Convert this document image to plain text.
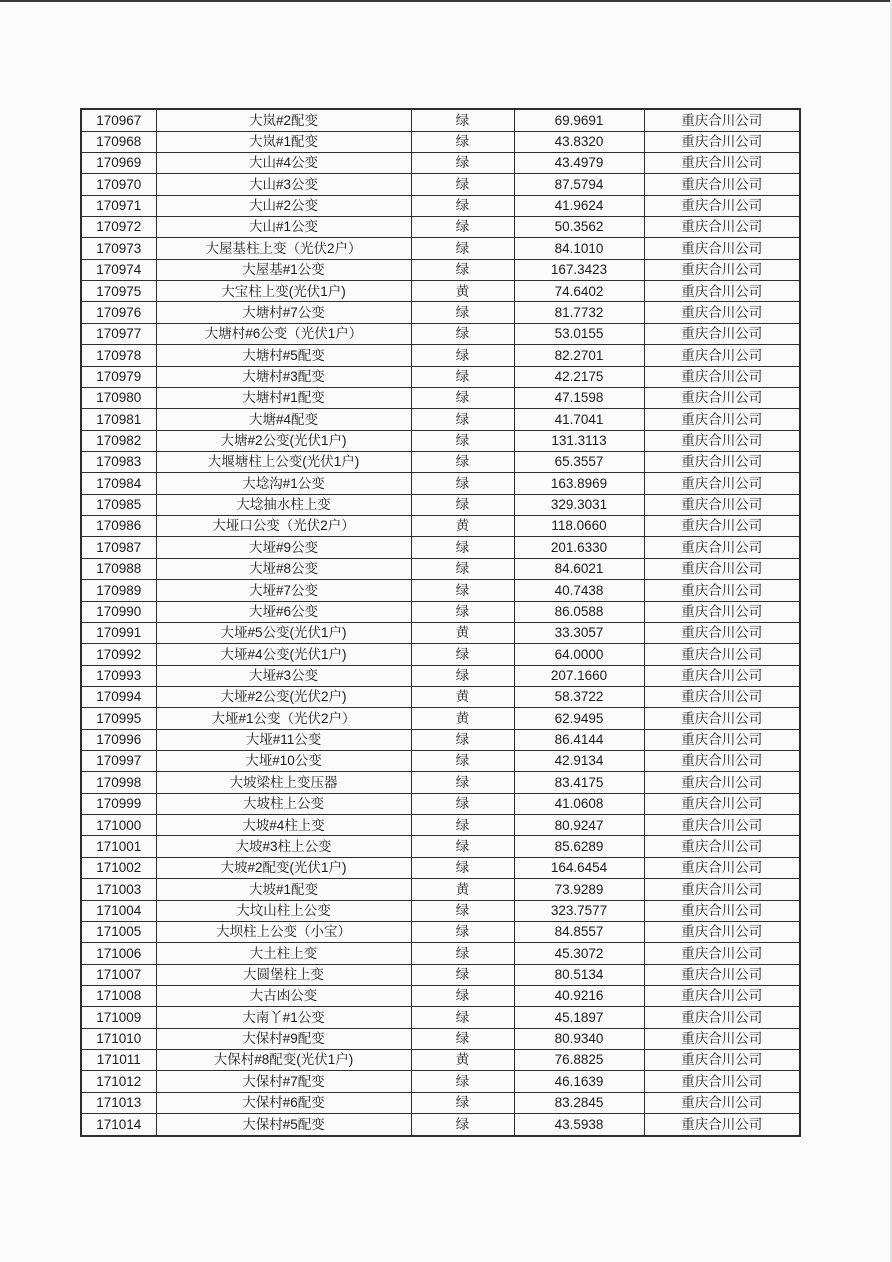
170967	大岚#2配变	绿	69.9691	重庆合川公司
170968	大岚#1配变	绿	43.8320	重庆合川公司
170969	大山#4公变	绿	43.4979	重庆合川公司
170970	大山#3公变	绿	87.5794	重庆合川公司
170971	大山#2公变	绿	41.9624	重庆合川公司
170972	大山#1公变	绿	50.3562	重庆合川公司
170973	大屋基柱上变（光伏2户）	绿	84.1010	重庆合川公司
170974	大屋基#1公变	绿	167.3423	重庆合川公司
170975	大宝柱上变(光伏1户)	黄	74.6402	重庆合川公司
170976	大塘村#7公变	绿	81.7732	重庆合川公司
170977	大塘村#6公变（光伏1户）	绿	53.0155	重庆合川公司
170978	大塘村#5配变	绿	82.2701	重庆合川公司
170979	大塘村#3配变	绿	42.2175	重庆合川公司
170980	大塘村#1配变	绿	47.1598	重庆合川公司
170981	大塘#4配变	绿	41.7041	重庆合川公司
170982	大塘#2公变(光伏1户)	绿	131.3113	重庆合川公司
170983	大堰塘柱上公变(光伏1户)	绿	65.3557	重庆合川公司
170984	大埝沟#1公变	绿	163.8969	重庆合川公司
170985	大埝抽水柱上变	绿	329.3031	重庆合川公司
170986	大垭口公变（光伏2户）	黄	118.0660	重庆合川公司
170987	大垭#9公变	绿	201.6330	重庆合川公司
170988	大垭#8公变	绿	84.6021	重庆合川公司
170989	大垭#7公变	绿	40.7438	重庆合川公司
170990	大垭#6公变	绿	86.0588	重庆合川公司
170991	大垭#5公变(光伏1户)	黄	33.3057	重庆合川公司
170992	大垭#4公变(光伏1户)	绿	64.0000	重庆合川公司
170993	大垭#3公变	绿	207.1660	重庆合川公司
170994	大垭#2公变(光伏2户)	黄	58.3722	重庆合川公司
170995	大垭#1公变（光伏2户）	黄	62.9495	重庆合川公司
170996	大垭#11公变	绿	86.4144	重庆合川公司
170997	大垭#10公变	绿	42.9134	重庆合川公司
170998	大坡梁柱上变压器	绿	83.4175	重庆合川公司
170999	大坡柱上公变	绿	41.0608	重庆合川公司
171000	大坡#4柱上变	绿	80.9247	重庆合川公司
171001	大坡#3柱上公变	绿	85.6289	重庆合川公司
171002	大坡#2配变(光伏1户)	绿	164.6454	重庆合川公司
171003	大坡#1配变	黄	73.9289	重庆合川公司
171004	大坟山柱上公变	绿	323.7577	重庆合川公司
171005	大坝柱上公变（小宝）	绿	84.8557	重庆合川公司
171006	大土柱上变	绿	45.3072	重庆合川公司
171007	大圆堡柱上变	绿	80.5134	重庆合川公司
171008	大古凼公变	绿	40.9216	重庆合川公司
171009	大南丫#1公变	绿	45.1897	重庆合川公司
171010	大保村#9配变	绿	80.9340	重庆合川公司
171011	大保村#8配变(光伏1户)	黄	76.8825	重庆合川公司
171012	大保村#7配变	绿	46.1639	重庆合川公司
171013	大保村#6配变	绿	83.2845	重庆合川公司
171014	大保村#5配变	绿	43.5938	重庆合川公司
